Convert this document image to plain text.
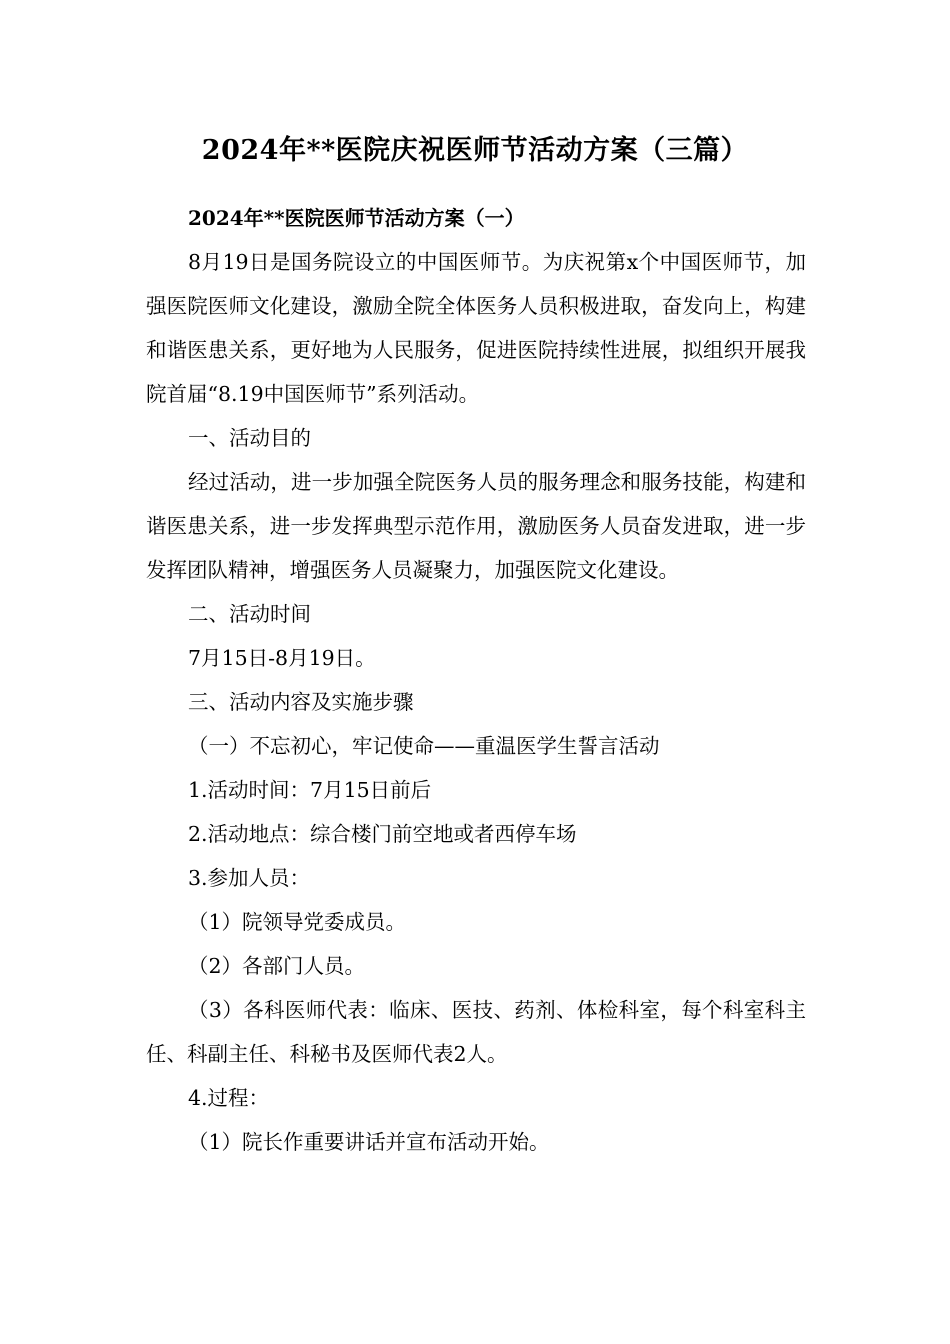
2024年**医院庆祝医师节活动方案（三篇）

2024年**医院医师节活动方案（一）

8月19日是国务院设立的中国医师节。为庆祝第x个中国医师节，加强医院医师文化建设，激励全院全体医务人员积极进取，奋发向上，构建和谐医患关系，更好地为人民服务，促进医院持续性进展，拟组织开展我院首届“8.19中国医师节”系列活动。

一、活动目的

经过活动，进一步加强全院医务人员的服务理念和服务技能，构建和谐医患关系，进一步发挥典型示范作用，激励医务人员奋发进取，进一步发挥团队精神，增强医务人员凝聚力，加强医院文化建设。

二、活动时间

7月15日-8月19日。

三、活动内容及实施步骤

（一）不忘初心，牢记使命——重温医学生誓言活动

1.活动时间：7月15日前后

2.活动地点：综合楼门前空地或者西停车场

3.参加人员：

（1）院领导党委成员。

（2）各部门人员。

（3）各科医师代表：临床、医技、药剂、体检科室，每个科室科主任、科副主任、科秘书及医师代表2人。

4.过程：

（1）院长作重要讲话并宣布活动开始。
